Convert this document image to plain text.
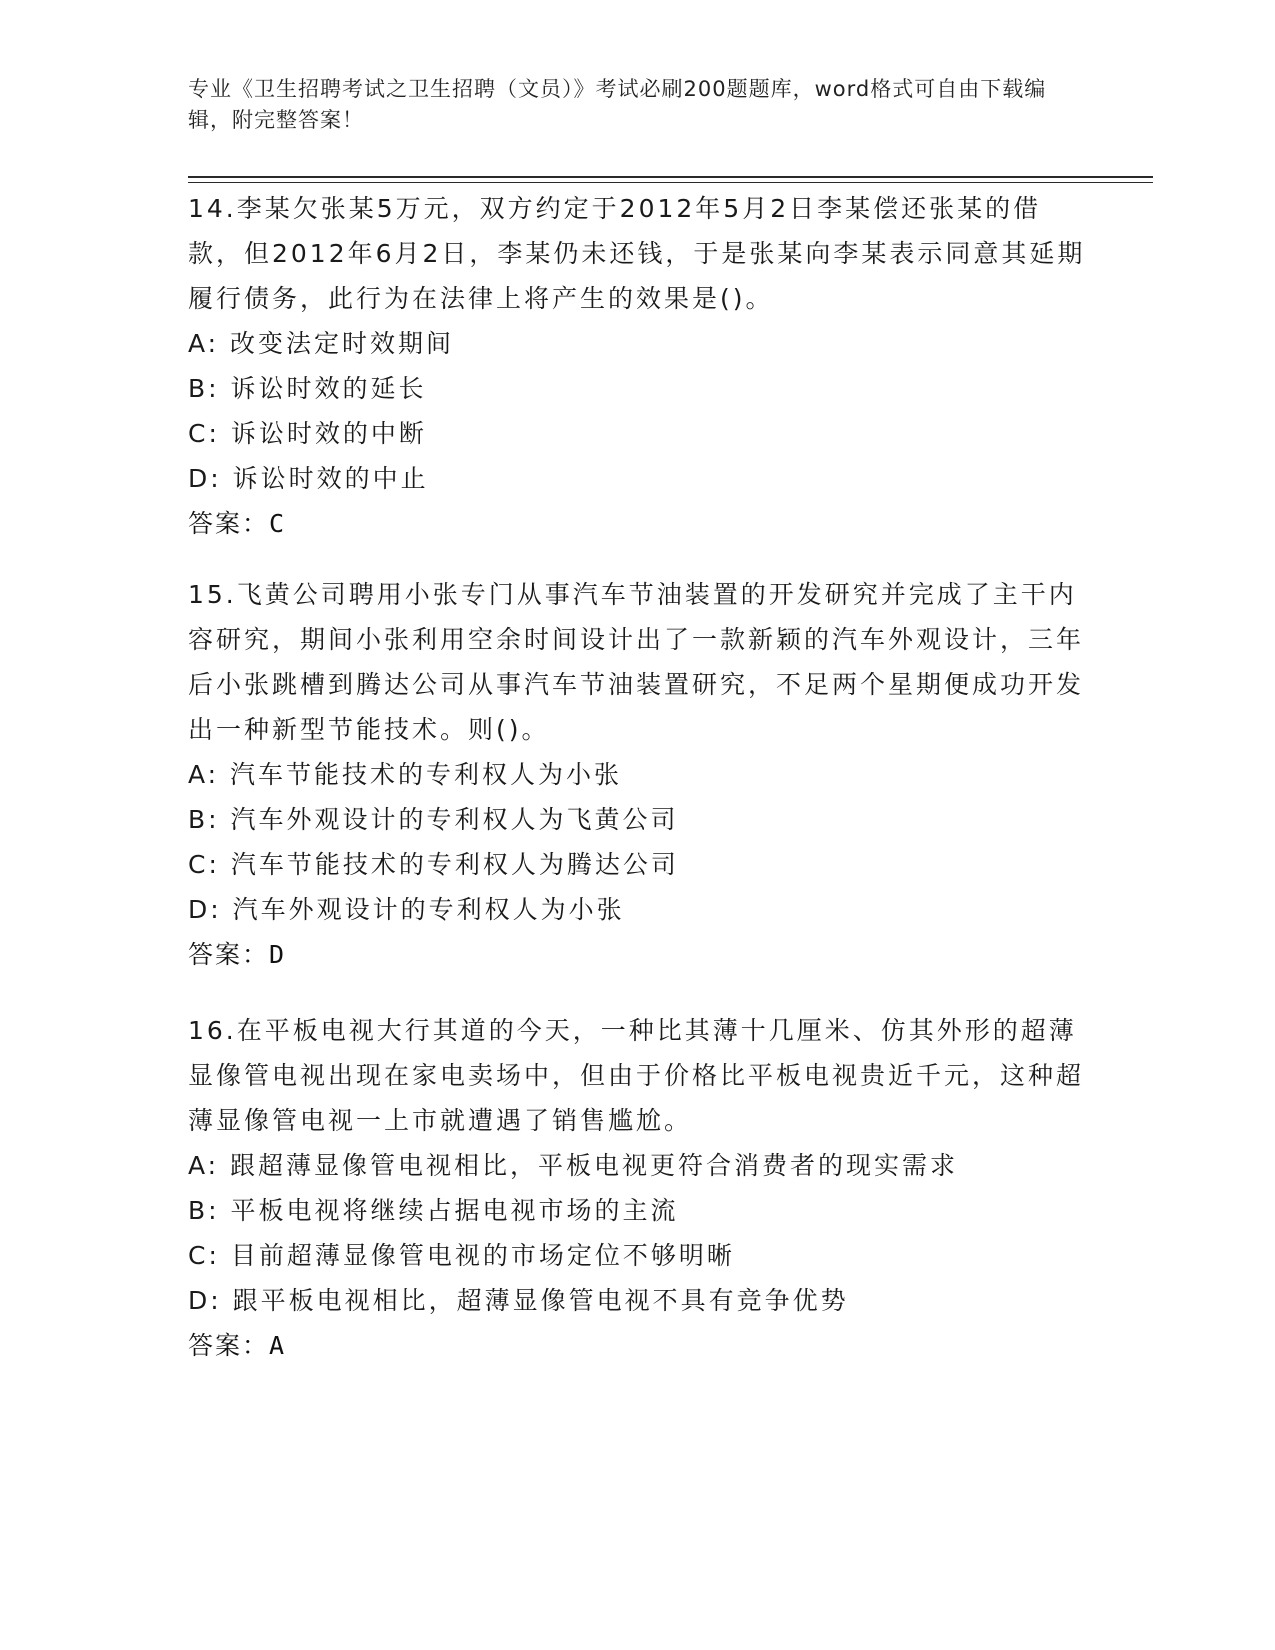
专业《卫生招聘考试之卫生招聘（文员）》考试必刷200题题库，word格式可自由下载编辑，附完整答案！
14.李某欠张某5万元，双方约定于2012年5月2日李某偿还张某的借款，但2012年6月2日，李某仍未还钱，于是张某向李某表示同意其延期履行债务，此行为在法律上将产生的效果是()。
A: 改变法定时效期间
B: 诉讼时效的延长
C: 诉讼时效的中断
D: 诉讼时效的中止
答案：C
15.飞黄公司聘用小张专门从事汽车节油装置的开发研究并完成了主干内容研究，期间小张利用空余时间设计出了一款新颖的汽车外观设计，三年后小张跳槽到腾达公司从事汽车节油装置研究，不足两个星期便成功开发出一种新型节能技术。则()。
A: 汽车节能技术的专利权人为小张
B: 汽车外观设计的专利权人为飞黄公司
C: 汽车节能技术的专利权人为腾达公司
D: 汽车外观设计的专利权人为小张
答案：D
16.在平板电视大行其道的今天，一种比其薄十几厘米、仿其外形的超薄显像管电视出现在家电卖场中，但由于价格比平板电视贵近千元，这种超薄显像管电视一上市就遭遇了销售尴尬。
A: 跟超薄显像管电视相比，平板电视更符合消费者的现实需求
B: 平板电视将继续占据电视市场的主流
C: 目前超薄显像管电视的市场定位不够明晰
D: 跟平板电视相比，超薄显像管电视不具有竞争优势
答案：A
